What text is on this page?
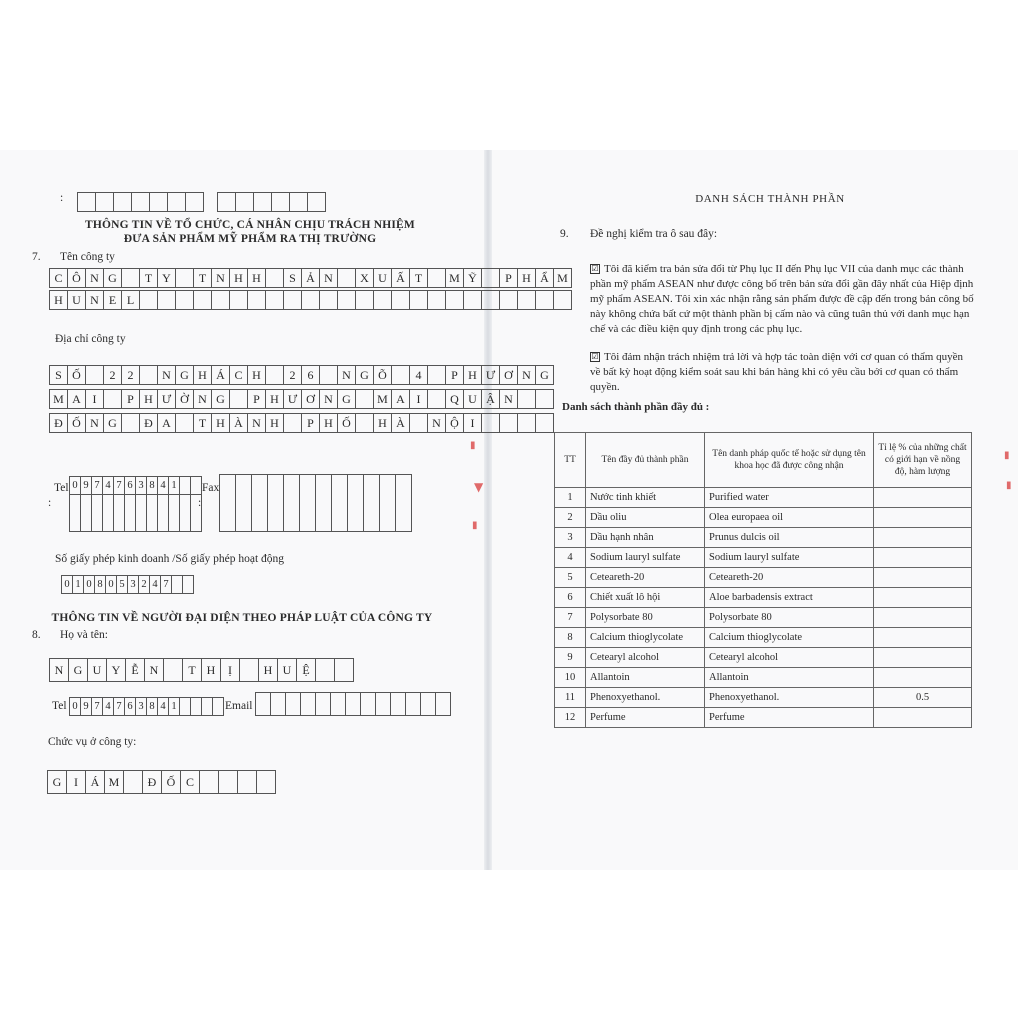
▮
▼
▮
▮
▮
:
THÔNG TIN VỀ TỔ CHỨC, CÁ NHÂN CHỊU TRÁCH NHIỆM
ĐƯA SẢN PHẨM MỸ PHẨM RA THỊ TRƯỜNG
7. Tên công ty
C Ô N G	T Y	T N H H	S Ả N	X U Ấ T	M Ỹ	P H Ẩ M
H U N E L
Địa chỉ công ty
S Ố	2	2	N G H Á C H	2	6	N G Õ	4	P H Ư Ơ N G
M A I	P H Ư Ờ N G	P H Ư Ơ N G	M A I	Q U Ậ N
Đ Ố N G	Đ A	T H À N H	P H Ố	H À	N Ộ I
Tel
:
0 9 7 4 7 6 3 8 4 1 Fax
:
Số giấy phép kinh doanh /Số giấy phép hoạt động
0 1 0 8 0 5 3 2 4 7
THÔNG TIN VỀ NGƯỜI ĐẠI DIỆN THEO PHÁP LUẬT CỦA CÔNG TY
8. Họ và tên:
N G U Y Ễ N	T H	Ị	H U Ệ
Tel 0 9 7 4 7 6 3 8 4 1	Email
Chức vụ ở công ty:
G	I	Á M	Đ Ố C
DANH SÁCH THÀNH PHẦN
9. Đề nghị kiểm tra ô sau đây:
☑ Tôi đã kiểm tra bản sửa đổi từ Phụ lục II đến Phụ lục VII của danh mục các thành phần mỹ phẩm ASEAN như được công bố trên bản sửa đổi gần đây nhất của Hiệp định mỹ phẩm ASEAN. Tôi xin xác nhận rằng sản phẩm được đề cập đến trong bản công bố này không chứa bất cứ một thành phần bị cấm nào và cũng tuân thủ với danh mục hạn chế và các điều kiện quy định trong các phụ lục.
☑ Tôi đảm nhận trách nhiệm trả lời và hợp tác toàn diện với cơ quan có thẩm quyền về bất kỳ hoạt động kiểm soát sau khi bán hàng khi có yêu cầu bởi cơ quan có thẩm quyền.
Danh sách thành phần đầy đủ :
TT	Tên đầy đủ thành phần	Tên danh pháp quốc tế hoặc sử dụng tên khoa học đã được công nhận	Tỉ lệ % của những chất có giới hạn về nồng độ, hàm lượng
1	Nước tinh khiết	Purified water	
2	Dầu oliu	Olea europaea oil	
3	Dầu hạnh nhân	Prunus dulcis oil	
4	Sodium lauryl sulfate	Sodium lauryl sulfate	
5	Ceteareth-20	Ceteareth-20	
6	Chiết xuất lô hội	Aloe barbadensis extract	
7	Polysorbate 80	Polysorbate 80	
8	Calcium thioglycolate	Calcium thioglycolate	
9	Cetearyl alcohol	Cetearyl alcohol	
10	Allantoin	Allantoin	
11	Phenoxyethanol.	Phenoxyethanol.	0.5
12	Perfume	Perfume	
